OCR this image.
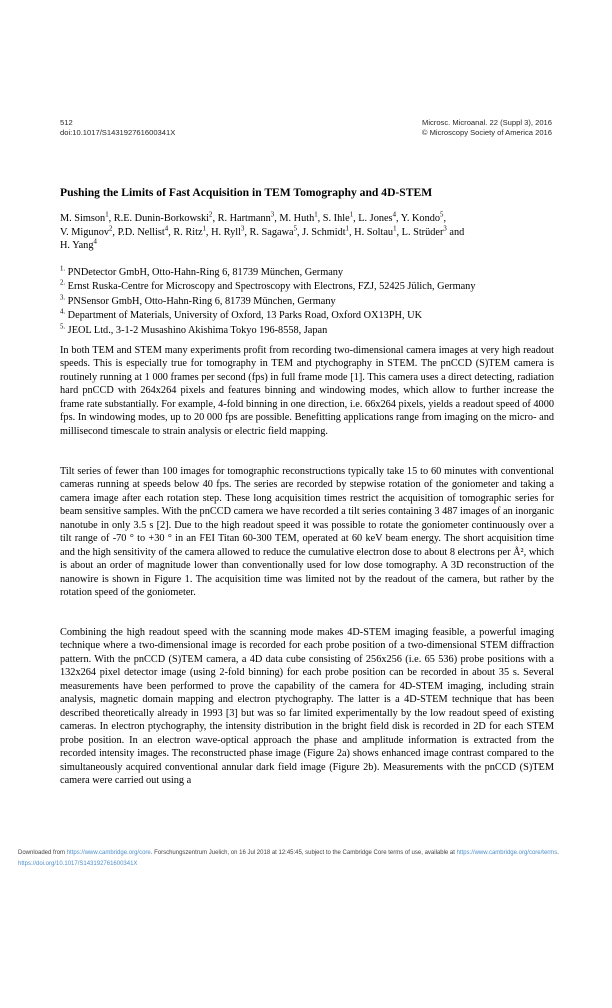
512
doi:10.1017/S143192761600341X
Microsc. Microanal. 22 (Suppl 3), 2016
© Microscopy Society of America 2016
Pushing the Limits of Fast Acquisition in TEM Tomography and 4D-STEM
M. Simson$^1$, R.E. Dunin-Borkowski$^2$, R. Hartmann$^3$, M. Huth$^1$, S. Ihle$^1$, L. Jones$^4$, Y. Kondo$^5$,
V. Migunov$^2$, P.D. Nellist$^4$, R. Ritz$^1$, H. Ryll$^3$, R. Sagawa$^5$, J. Schmidt$^1$, H. Soltau$^1$, L. Strüder$^3$ and
H. Yang$^4$
$^{1.}$ PNDetector GmbH, Otto-Hahn-Ring 6, 81739 München, Germany
$^{2.}$ Ernst Ruska-Centre for Microscopy and Spectroscopy with Electrons, FZJ, 52425 Jülich, Germany
$^{3.}$ PNSensor GmbH, Otto-Hahn-Ring 6, 81739 München, Germany
$^{4.}$ Department of Materials, University of Oxford, 13 Parks Road, Oxford OX13PH, UK
$^{5.}$ JEOL Ltd., 3-1-2 Musashino Akishima Tokyo 196-8558, Japan
In both TEM and STEM many experiments profit from recording two-dimensional camera images at very high readout speeds. This is especially true for tomography in TEM and ptychography in STEM. The pnCCD (S)TEM camera is routinely running at 1 000 frames per second (fps) in full frame mode [1]. This camera uses a direct detecting, radiation hard pnCCD with 264x264 pixels and features binning and windowing modes, which allow to further increase the frame rate substantially. For example, 4-fold binning in one direction, i.e. 66x264 pixels, yields a readout speed of 4000 fps. In windowing modes, up to 20 000 fps are possible. Benefitting applications range from imaging on the micro- and millisecond timescale to strain analysis or electric field mapping.
Tilt series of fewer than 100 images for tomographic reconstructions typically take 15 to 60 minutes with conventional cameras running at speeds below 40 fps. The series are recorded by stepwise rotation of the goniometer and taking a camera image after each rotation step. These long acquisition times restrict the acquisition of tomographic series for beam sensitive samples. With the pnCCD camera we have recorded a tilt series containing 3 487 images of an inorganic nanotube in only 3.5 s [2]. Due to the high readout speed it was possible to rotate the goniometer continuously over a tilt range of -70 ° to +30 ° in an FEI Titan 60-300 TEM, operated at 60 keV beam energy. The short acquisition time and the high sensitivity of the camera allowed to reduce the cumulative electron dose to about 8 electrons per Å², which is about an order of magnitude lower than conventionally used for low dose tomography. A 3D reconstruction of the nanowire is shown in Figure 1. The acquisition time was limited not by the readout of the camera, but rather by the rotation speed of the goniometer.
Combining the high readout speed with the scanning mode makes 4D-STEM imaging feasible, a powerful imaging technique where a two-dimensional image is recorded for each probe position of a two-dimensional STEM diffraction pattern. With the pnCCD (S)TEM camera, a 4D data cube consisting of 256x256 (i.e. 65 536) probe positions with a 132x264 pixel detector image (using 2-fold binning) for each probe position can be recorded in about 35 s. Several measurements have been performed to prove the capability of the camera for 4D-STEM imaging, including strain analysis, magnetic domain mapping and electron ptychography. The latter is a 4D-STEM technique that has been described theoretically already in 1993 [3] but was so far limited experimentally by the low readout speed of existing cameras. In electron ptychography, the intensity distribution in the bright field disk is recorded in 2D for each STEM probe position. In an electron wave-optical approach the phase and amplitude information is extracted from the recorded intensity images. The reconstructed phase image (Figure 2a) shows enhanced image contrast compared to the simultaneously acquired conventional annular dark field image (Figure 2b). Measurements with the pnCCD (S)TEM camera were carried out using a
Downloaded from https://www.cambridge.org/core. Forschungszentrum Juelich, on 16 Jul 2018 at 12:45:45, subject to the Cambridge Core terms of use, available at https://www.cambridge.org/core/terms.
https://doi.org/10.1017/S143192761600341X
